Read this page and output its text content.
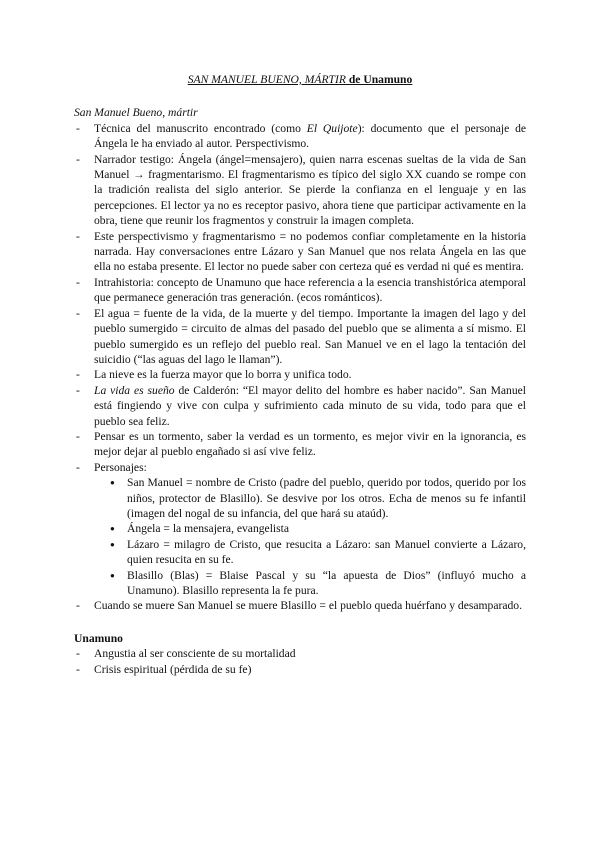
SAN MANUEL BUENO, MÁRTIR de Unamuno

San Manuel Bueno, mártir

- Técnica del manuscrito encontrado (como El Quijote): documento que el personaje de Ángela le ha enviado al autor. Perspectivismo.
- Narrador testigo: Ángela (ángel=mensajero), quien narra escenas sueltas de la vida de San Manuel → fragmentarismo. El fragmentarismo es típico del siglo XX cuando se rompe con la tradición realista del siglo anterior. Se pierde la confianza en el lenguaje y en las percepciones. El lector ya no es receptor pasivo, ahora tiene que participar activamente en la obra, tiene que reunir los fragmentos y construir la imagen completa.
- Este perspectivismo y fragmentarismo = no podemos confiar completamente en la historia narrada. Hay conversaciones entre Lázaro y San Manuel que nos relata Ángela en las que ella no estaba presente. El lector no puede saber con certeza qué es verdad ni qué es mentira.
- Intrahistoria: concepto de Unamuno que hace referencia a la esencia transhistórica atemporal que permanece generación tras generación. (ecos románticos).
- El agua = fuente de la vida, de la muerte y del tiempo. Importante la imagen del lago y del pueblo sumergido = circuito de almas del pasado del pueblo que se alimenta a sí mismo. El pueblo sumergido es un reflejo del pueblo real. San Manuel ve en el lago la tentación del suicidio (“las aguas del lago le llaman”).
- La nieve es la fuerza mayor que lo borra y unifica todo.
- La vida es sueño de Calderón: “El mayor delito del hombre es haber nacido”. San Manuel está fingiendo y vive con culpa y sufrimiento cada minuto de su vida, todo para que el pueblo sea feliz.
- Pensar es un tormento, saber la verdad es un tormento, es mejor vivir en la ignorancia, es mejor dejar al pueblo engañado si así vive feliz.
- Personajes:
● San Manuel = nombre de Cristo (padre del pueblo, querido por todos, querido por los niños, protector de Blasillo). Se desvive por los otros. Echa de menos su fe infantil (imagen del nogal de su infancia, del que hará su ataúd).
● Ángela = la mensajera, evangelista
● Lázaro = milagro de Cristo, que resucita a Lázaro: san Manuel convierte a Lázaro, quien resucita en su fe.
● Blasillo (Blas) = Blaise Pascal y su “la apuesta de Dios” (influyó mucho a Unamuno). Blasillo representa la fe pura.
- Cuando se muere San Manuel se muere Blasillo = el pueblo queda huérfano y desamparado.

Unamuno

- Angustia al ser consciente de su mortalidad
- Crisis espiritual (pérdida de su fe)
